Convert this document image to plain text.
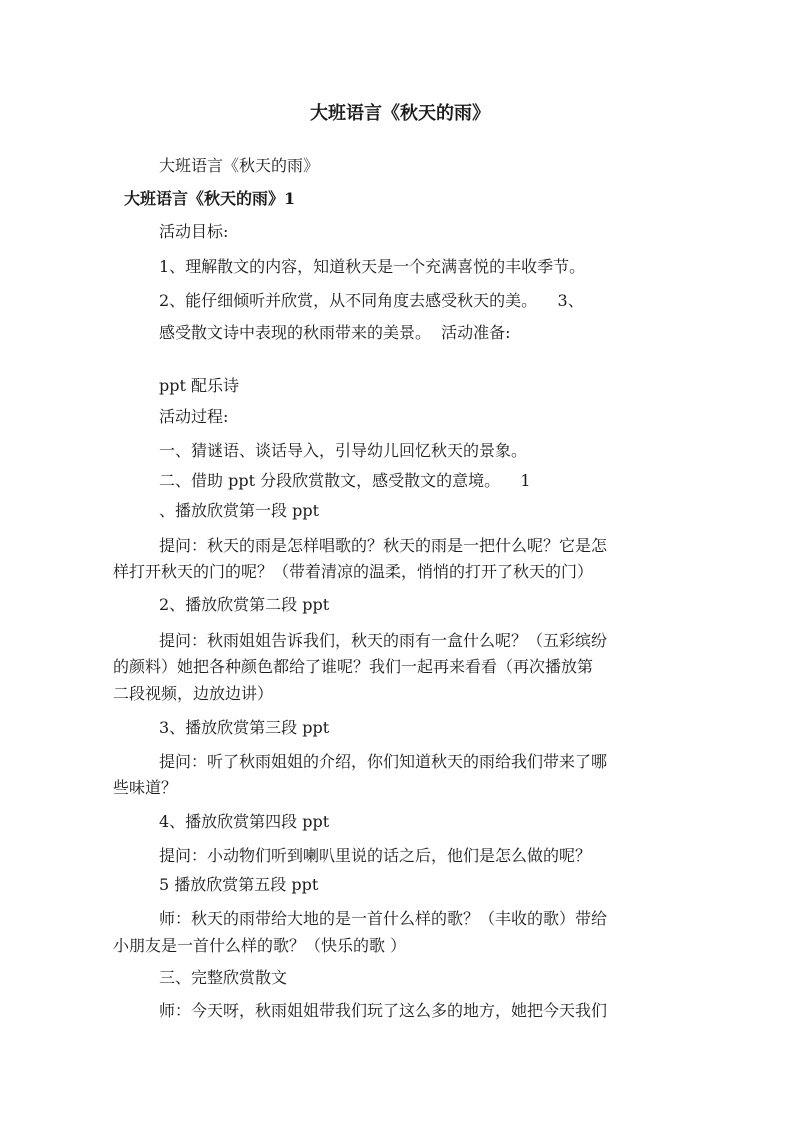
大班语言《秋天的雨》
大班语言《秋天的雨》
大班语言《秋天的雨》1
活动目标:
1、理解散文的内容，知道秋天是一个充满喜悦的丰收季节。
2、能仔细倾听并欣赏，从不同角度去感受秋天的美。    3、
感受散文诗中表现的秋雨带来的美景。  活动准备:
ppt 配乐诗
活动过程:
一、猜谜语、谈话导入，引导幼儿回忆秋天的景象。
二、借助 ppt 分段欣赏散文，感受散文的意境。    1
、播放欣赏第一段 ppt
提问：秋天的雨是怎样唱歌的？秋天的雨是一把什么呢？它是怎
样打开秋天的门的呢？（带着清凉的温柔，悄悄的打开了秋天的门）
2、播放欣赏第二段 ppt
提问：秋雨姐姐告诉我们，秋天的雨有一盒什么呢？（五彩缤纷
的颜料）她把各种颜色都给了谁呢？我们一起再来看看（再次播放第
二段视频，边放边讲）
3、播放欣赏第三段 ppt
提问：听了秋雨姐姐的介绍，你们知道秋天的雨给我们带来了哪
些味道？
4、播放欣赏第四段 ppt
提问：小动物们听到喇叭里说的话之后，他们是怎么做的呢？
5 播放欣赏第五段 ppt
师：秋天的雨带给大地的是一首什么样的歌？（丰收的歌）带给
小朋友是一首什么样的歌？（快乐的歌 ）
三、完整欣赏散文
师：今天呀，秋雨姐姐带我们玩了这么多的地方，她把今天我们
